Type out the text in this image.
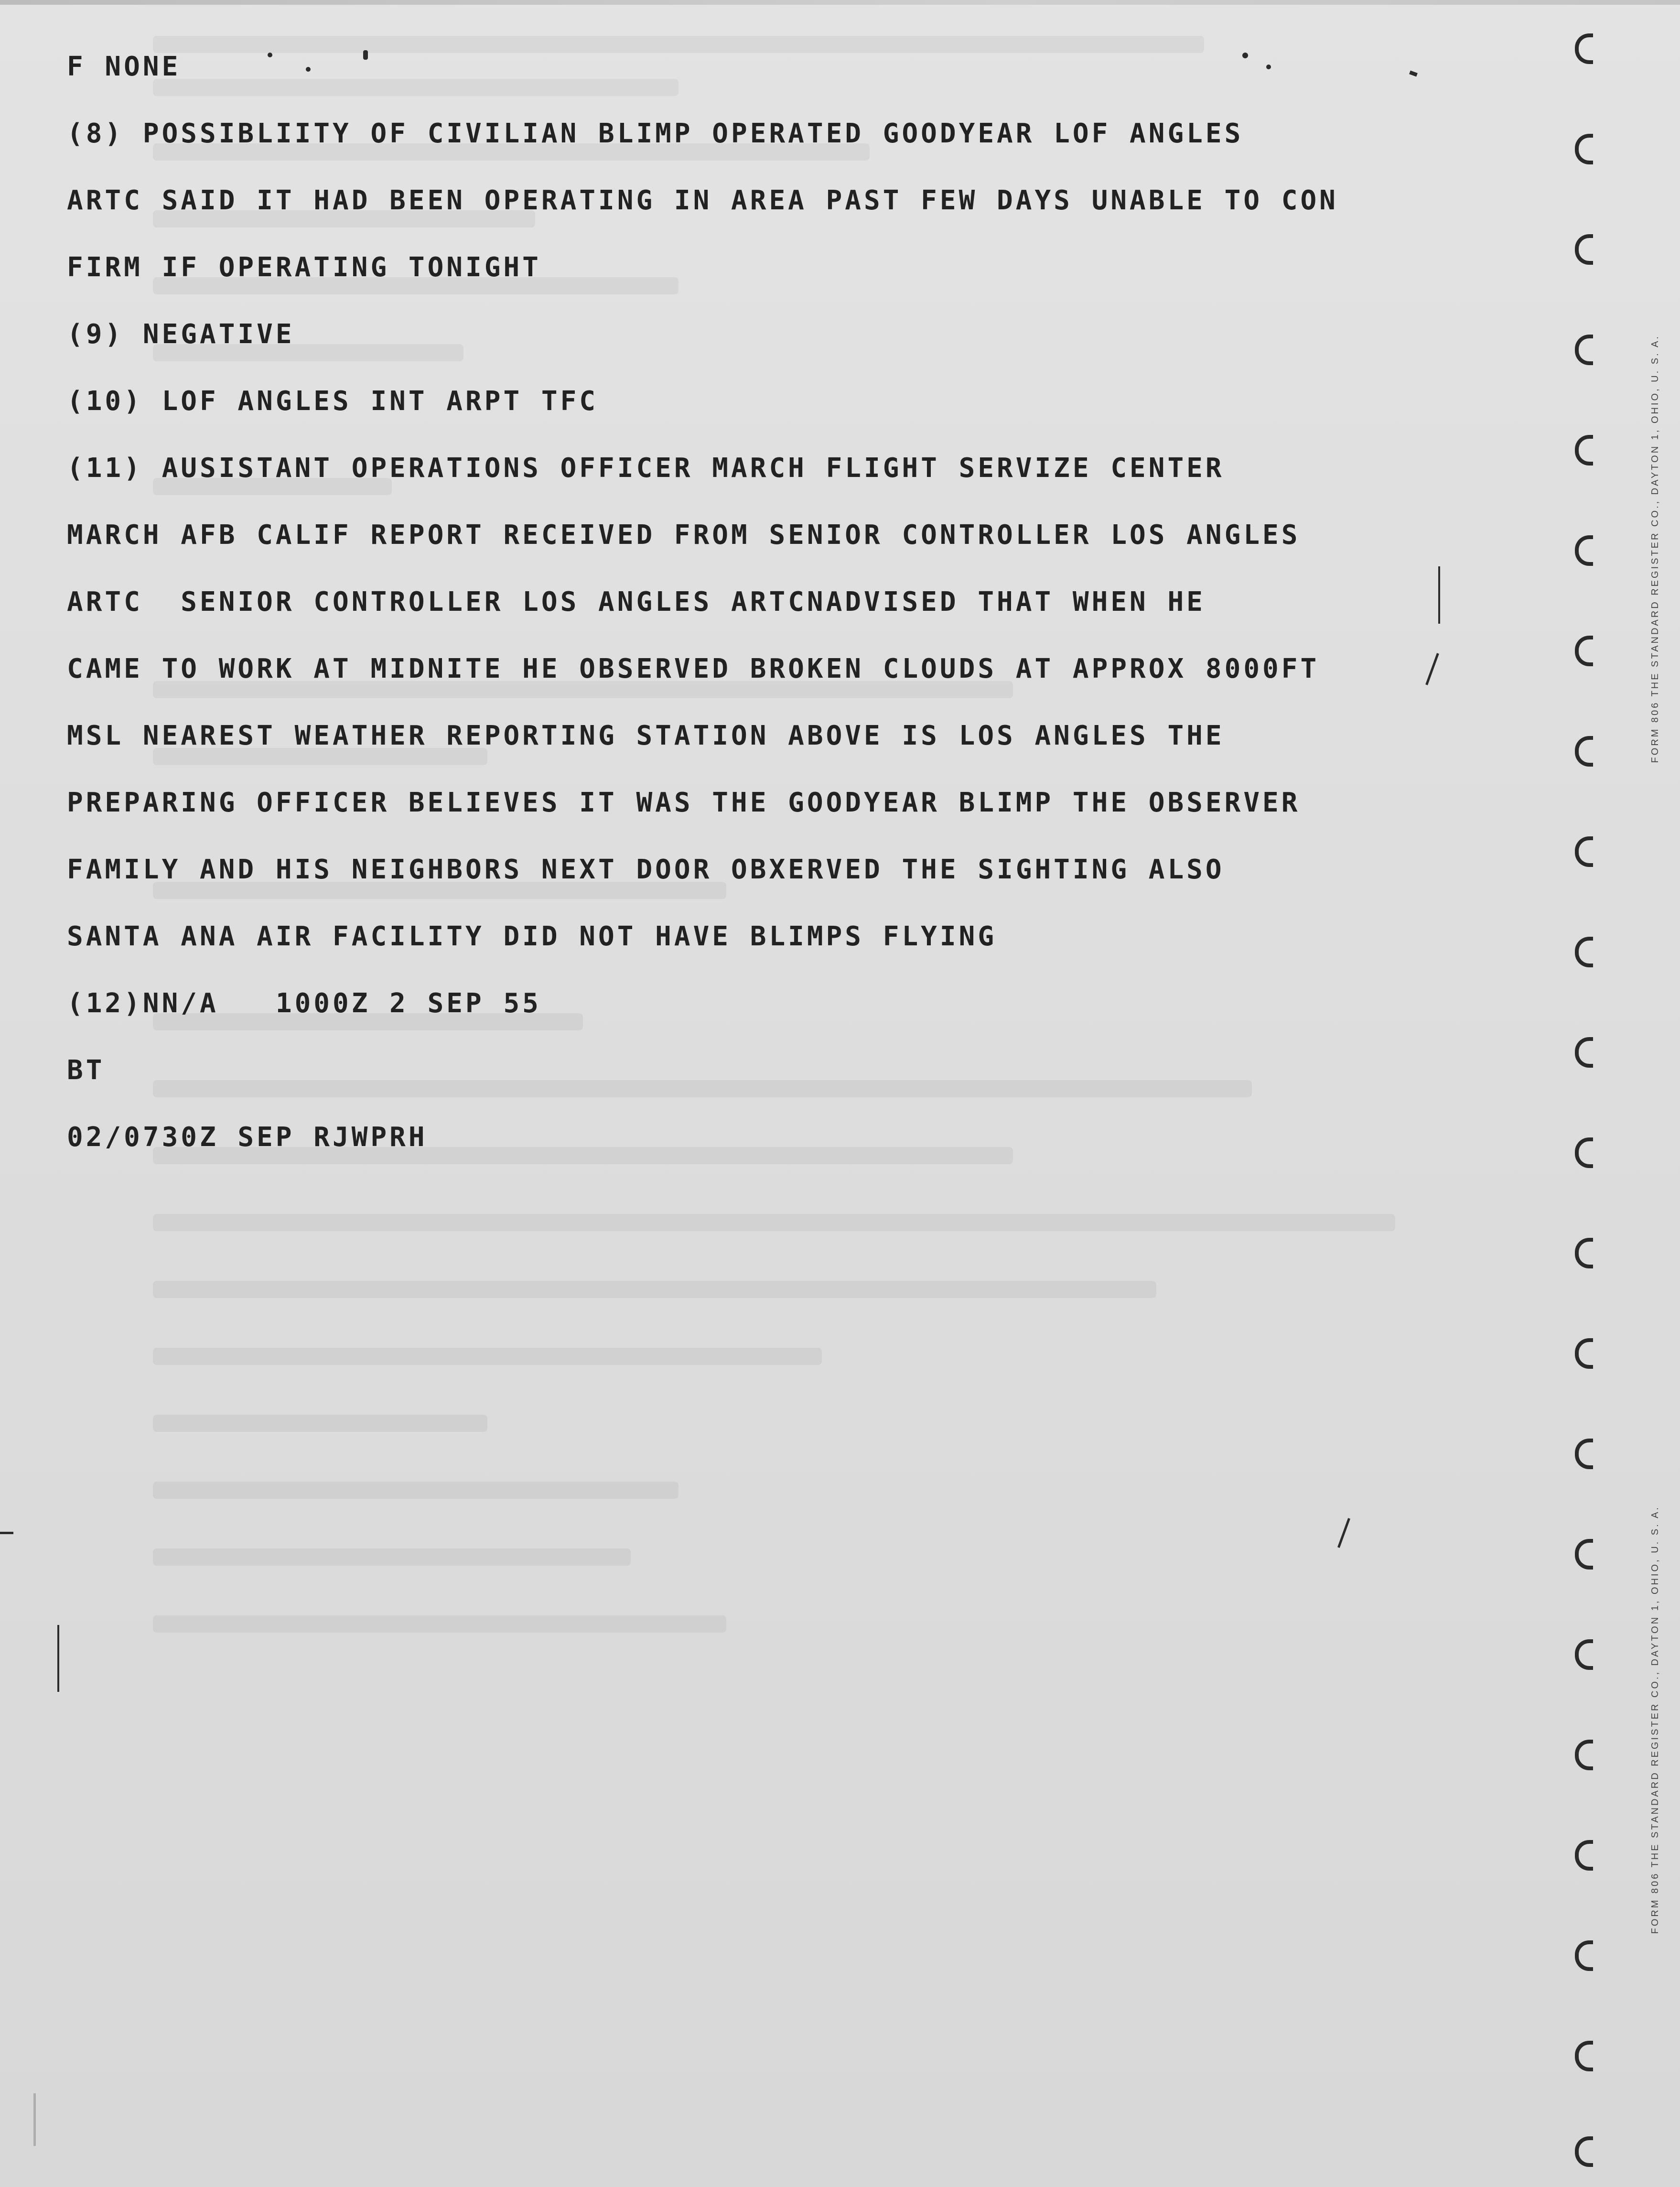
F NONE
(8) POSSIBLIITY OF CIVILIAN BLIMP OPERATED GOODYEAR LOF ANGLES
ARTC SAID IT HAD BEEN OPERATING IN AREA PAST FEW DAYS UNABLE TO CON
FIRM IF OPERATING TONIGHT
(9) NEGATIVE
(10) LOF ANGLES INT ARPT TFC
(11) AUSISTANT OPERATIONS OFFICER MARCH FLIGHT SERVIZE CENTER
MARCH AFB CALIF REPORT RECEIVED FROM SENIOR CONTROLLER LOS ANGLES
ARTC  SENIOR CONTROLLER LOS ANGLES ARTCNADVISED THAT WHEN HE
CAME TO WORK AT MIDNITE HE OBSERVED BROKEN CLOUDS AT APPROX 8000FT
MSL NEAREST WEATHER REPORTING STATION ABOVE IS LOS ANGLES THE
PREPARING OFFICER BELIEVES IT WAS THE GOODYEAR BLIMP THE OBSERVER
FAMILY AND HIS NEIGHBORS NEXT DOOR OBXERVED THE SIGHTING ALSO
SANTA ANA AIR FACILITY DID NOT HAVE BLIMPS FLYING
(12)NN/A   1000Z 2 SEP 55
BT
02/0730Z SEP RJWPRH
FORM 806 THE STANDARD REGISTER CO., DAYTON 1, OHIO, U. S. A.
FORM 806 THE STANDARD REGISTER CO., DAYTON 1, OHIO, U. S. A.
